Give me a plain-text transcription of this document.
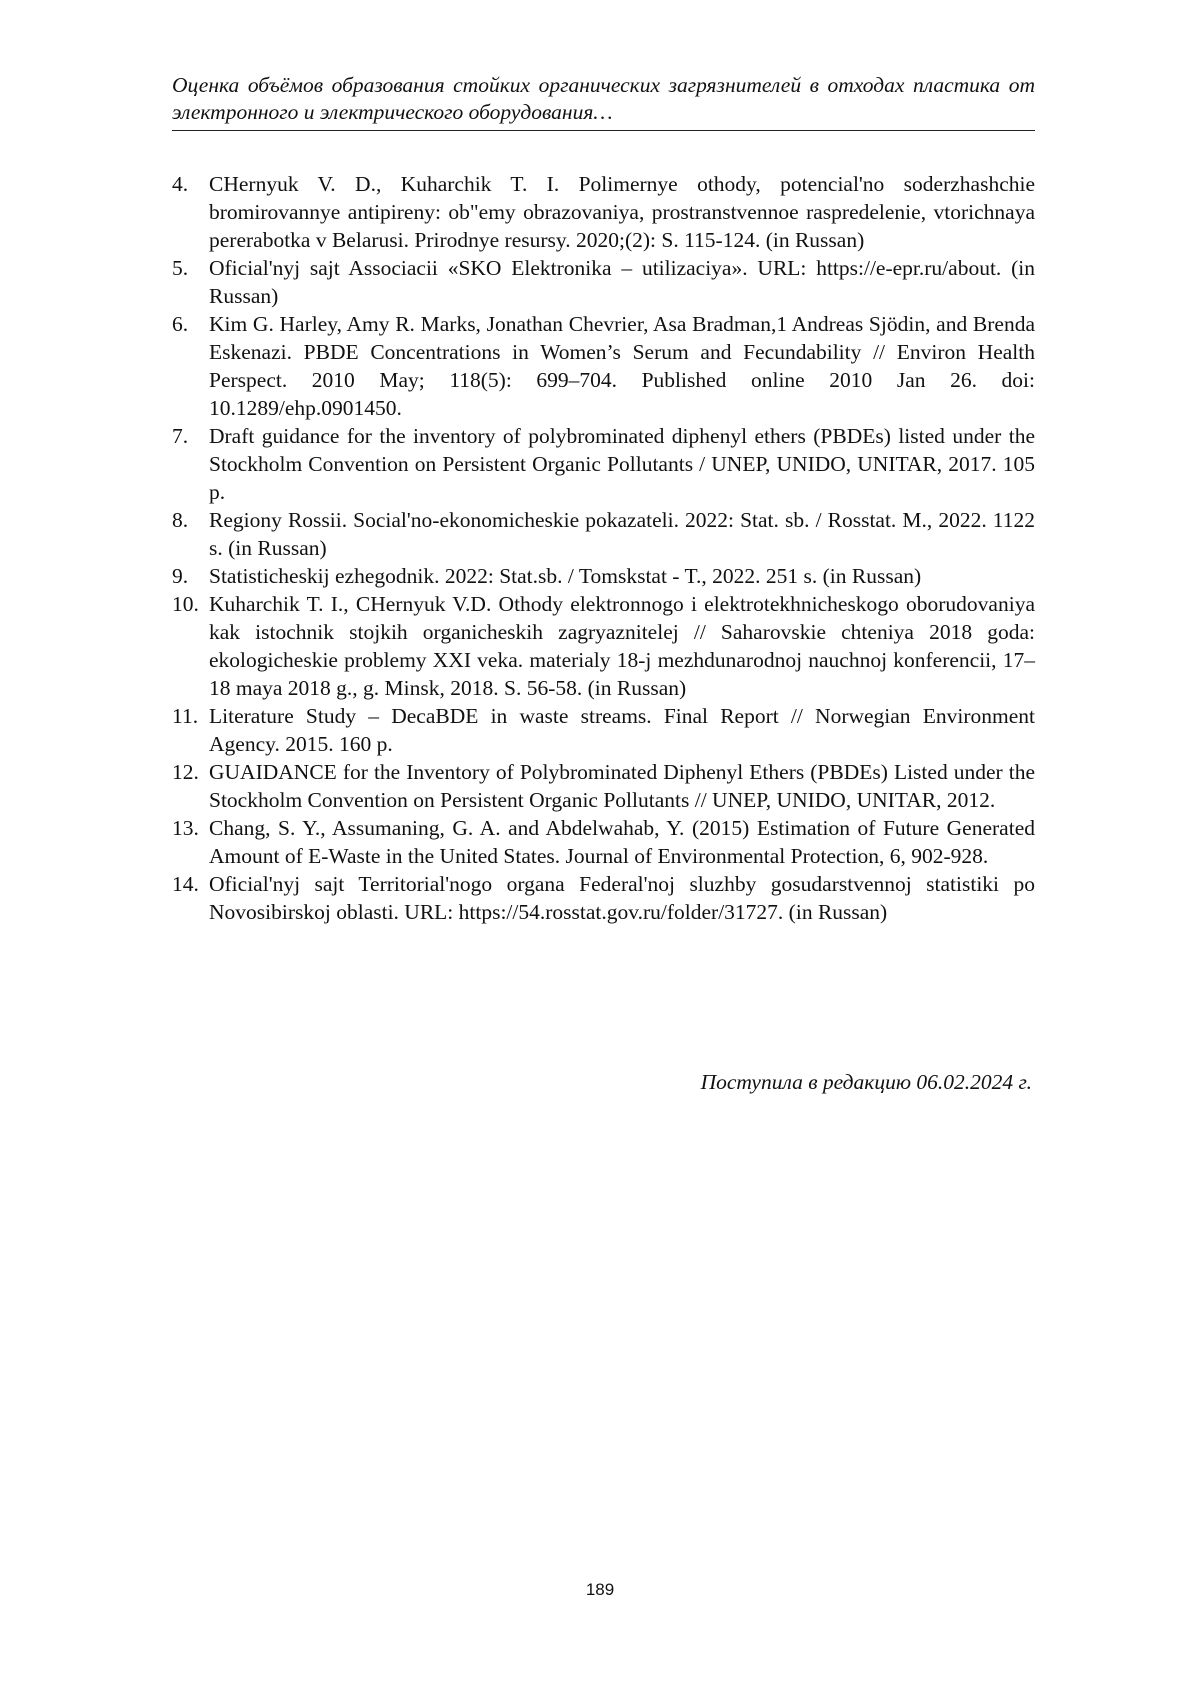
Оценка объёмов образования стойких органических загрязнителей в отходах пластика от электронного и электрического оборудования…
4. CHernyuk V. D., Kuharchik T. I. Polimernye othody, potencial'no soderzhashchie bromirovannye antipireny: ob"emy obrazovaniya, prostranstvennoe raspredelenie, vtorichnaya pererabotka v Belarusi. Prirodnye resursy. 2020;(2): S. 115-124. (in Russan)
5. Oficial'nyj sajt Associacii «SKO Elektronika – utilizaciya». URL: https://e-epr.ru/about. (in Russan)
6. Kim G. Harley, Amy R. Marks, Jonathan Chevrier, Asa Bradman,1 Andreas Sjödin, and Brenda Eskenazi. PBDE Concentrations in Women’s Serum and Fecundability // Environ Health Perspect. 2010 May; 118(5): 699–704. Published online 2010 Jan 26. doi: 10.1289/ehp.0901450.
7. Draft guidance for the inventory of polybrominated diphenyl ethers (PBDEs) listed under the Stockholm Convention on Persistent Organic Pollutants / UNEP, UNIDO, UNITAR, 2017. 105 p.
8. Regiony Rossii. Social'no-ekonomicheskie pokazateli. 2022: Stat. sb. / Rosstat. M., 2022. 1122 s. (in Russan)
9. Statisticheskij ezhegodnik. 2022: Stat.sb. / Tomskstat - T., 2022. 251 s. (in Russan)
10. Kuharchik T. I., CHernyuk V.D. Othody elektronnogo i elektrotekhnicheskogo oborudovaniya kak istochnik stojkih organicheskih zagryaznitelej // Saharovskie chteniya 2018 goda: ekologicheskie problemy XXI veka. materialy 18-j mezhdunarodnoj nauchnoj konferencii, 17–18 maya 2018 g., g. Minsk, 2018. S. 56-58. (in Russan)
11. Literature Study – DecaBDE in waste streams. Final Report // Norwegian Environment Agency. 2015. 160 p.
12. GUAIDANCE for the Inventory of Polybrominated Diphenyl Ethers (PBDEs) Listed under the Stockholm Convention on Persistent Organic Pollutants // UNEP, UNIDO, UNITAR, 2012.
13. Chang, S. Y., Assumaning, G. A. and Abdelwahab, Y. (2015) Estimation of Future Generated Amount of E-Waste in the United States. Journal of Environmental Protection, 6, 902-928.
14. Oficial'nyj sajt Territorial'nogo organa Federal'noj sluzhby gosudarstvennoj statistiki po Novosibirskoj oblasti. URL: https://54.rosstat.gov.ru/folder/31727. (in Russan)
Поступила в редакцию 06.02.2024 г.
189
